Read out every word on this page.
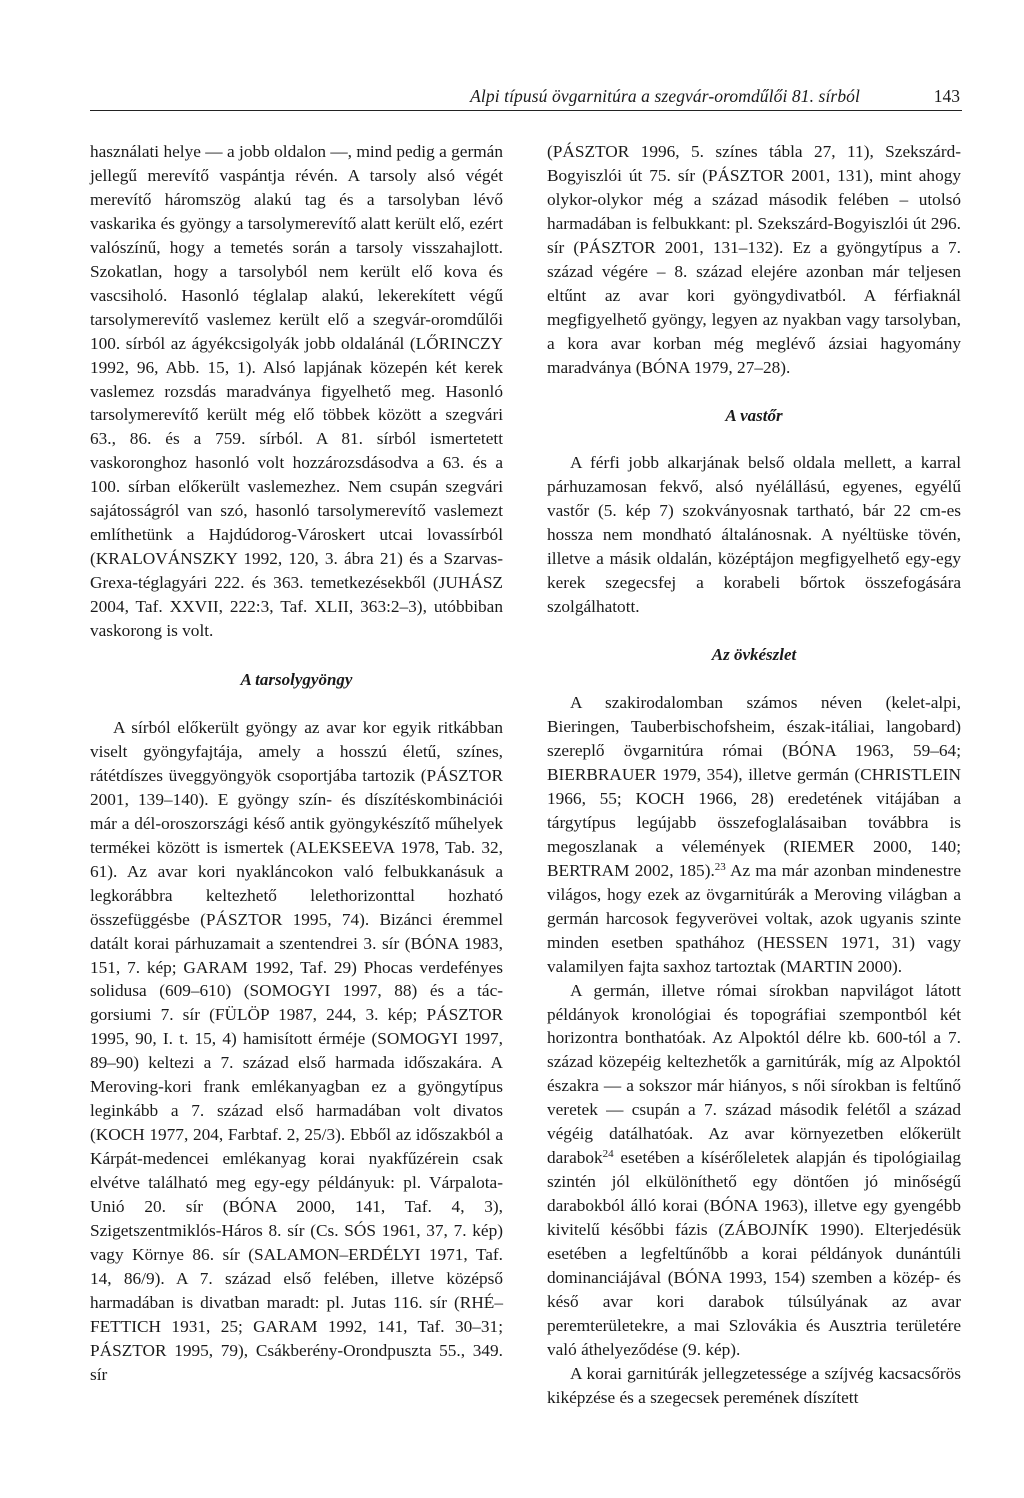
Alpi típusú övgarnitúra a szegvár-oromdűlői 81. sírból	143

használati helye — a jobb oldalon —, mind pedig a germán jellegű merevítő vaspántja révén. A tarsoly alsó végét merevítő háromszög alakú tag és a tarsolyban lévő vaskarika és gyöngy a tarsolymerevítő alatt került elő, ezért valószínű, hogy a temetés során a tarsoly visszahajlott. Szokatlan, hogy a tarsolyból nem került elő kova és vascsiholó. Hasonló téglalap alakú, lekerekített végű tarsolymerevítő vaslemez került elő a szegvár-oromdűlői 100. sírból az ágyékcsigolyák jobb oldalánál (LŐRINCZY 1992, 96, Abb. 15, 1). Alsó lapjának közepén két kerek vaslemez rozsdás maradványa figyelhető meg. Hasonló tarsolymerevítő került még elő többek között a szegvári 63., 86. és a 759. sírból. A 81. sírból ismertetett vaskoronghoz hasonló volt hozzározsdásodva a 63. és a 100. sírban előkerült vaslemezhez. Nem csupán szegvári sajátosságról van szó, hasonló tarsolymerevítő vaslemezt említhetünk a Hajdúdorog-Városkert utcai lovassírból (KRALOVÁNSZKY 1992, 120, 3. ábra 21) és a Szarvas-Grexa-téglagyári 222. és 363. temetkezésekből (JUHÁSZ 2004, Taf. XXVII, 222:3, Taf. XLII, 363:2–3), utóbbiban vaskorong is volt.

A tarsolygyöngy

A sírból előkerült gyöngy az avar kor egyik ritkábban viselt gyöngyfajtája, amely a hosszú életű, színes, rátétdíszes üveggyöngyök csoportjába tartozik (PÁSZTOR 2001, 139–140). E gyöngy szín- és díszítéskombinációi már a dél-oroszországi késő antik gyöngykészítő műhelyek termékei között is ismertek (ALEKSEEVA 1978, Tab. 32, 61). Az avar kori nyakláncokon való felbukkanásuk a legkorábbra keltezhető lelethorizonttal hozható összefüggésbe (PÁSZTOR 1995, 74). Bizánci éremmel datált korai párhuzamait a szentendrei 3. sír (BÓNA 1983, 151, 7. kép; GARAM 1992, Taf. 29) Phocas verdefényes solidusa (609–610) (SOMOGYI 1997, 88) és a tác-gorsiumi 7. sír (FÜLÖP 1987, 244, 3. kép; PÁSZTOR 1995, 90, I. t. 15, 4) hamisított érméje (SOMOGYI 1997, 89–90) keltezi a 7. század első harmada időszakára. A Meroving-kori frank emlékanyagban ez a gyöngytípus leginkább a 7. század első harmadában volt divatos (KOCH 1977, 204, Farbtaf. 2, 25/3). Ebből az időszakból a Kárpát-medencei emlékanyag korai nyakfűzérein csak elvétve található meg egy-egy példányuk: pl. Várpalota-Unió 20. sír (BÓNA 2000, 141, Taf. 4, 3), Szigetszentmiklós-Háros 8. sír (Cs. SÓS 1961, 37, 7. kép) vagy Környe 86. sír (SALAMON–ERDÉLYI 1971, Taf. 14, 86/9). A 7. század első felében, illetve középső harmadában is divatban maradt: pl. Jutas 116. sír (RHÉ–FETTICH 1931, 25; GARAM 1992, 141, Taf. 30–31; PÁSZTOR 1995, 79), Csákberény-Orondpuszta 55., 349. sír

(PÁSZTOR 1996, 5. színes tábla 27, 11), Szekszárd-Bogyiszlói út 75. sír (PÁSZTOR 2001, 131), mint ahogy olykor-olykor még a század második felében – utolsó harmadában is felbukkant: pl. Szekszárd-Bogyiszlói út 296. sír (PÁSZTOR 2001, 131–132). Ez a gyöngytípus a 7. század végére – 8. század elejére azonban már teljesen eltűnt az avar kori gyöngydivatból. A férfiaknál megfigyelhető gyöngy, legyen az nyakban vagy tarsolyban, a kora avar korban még meglévő ázsiai hagyomány maradványa (BÓNA 1979, 27–28).

A vastőr

A férfi jobb alkarjának belső oldala mellett, a karral párhuzamosan fekvő, alsó nyélállású, egyenes, egyélű vastőr (5. kép 7) szokványosnak tartható, bár 22 cm-es hossza nem mondható általánosnak. A nyéltüske tövén, illetve a másik oldalán, középtájon megfigyelhető egy-egy kerek szegecsfej a korabeli bőrtok összefogására szolgálhatott.

Az övkészlet

A szakirodalomban számos néven (kelet-alpi, Bieringen, Tauberbischofsheim, észak-itáliai, langobard) szereplő övgarnitúra római (BÓNA 1963, 59–64; BIERBRAUER 1979, 354), illetve germán (CHRISTLEIN 1966, 55; KOCH 1966, 28) eredetének vitájában a tárgytípus legújabb összefoglalásaiban továbbra is megoszlanak a vélemények (RIEMER 2000, 140; BERTRAM 2002, 185).$^{23}$ Az ma már azonban mindenestre világos, hogy ezek az övgarnitúrák a Meroving világban a germán harcosok fegyverövei voltak, azok ugyanis szinte minden esetben spathához (HESSEN 1971, 31) vagy valamilyen fajta saxhoz tartoztak (MARTIN 2000).

A germán, illetve római sírokban napvilágot látott példányok kronológiai és topográfiai szempontból két horizontra bonthatóak. Az Alpoktól délre kb. 600-tól a 7. század közepéig keltezhetők a garnitúrák, míg az Alpoktól északra — a sokszor már hiányos, s női sírokban is feltűnő veretek — csupán a 7. század második felétől a század végéig datálhatóak. Az avar környezetben előkerült darabok$^{24}$ esetében a kísérőleletek alapján és tipológiailag szintén jól elkülöníthető egy döntően jó minőségű darabokból álló korai (BÓNA 1963), illetve egy gyengébb kivitelű későbbi fázis (ZÁBOJNÍK 1990). Elterjedésük esetében a legfeltűnőbb a korai példányok dunántúli dominanciájával (BÓNA 1993, 154) szemben a közép- és késő avar kori darabok túlsúlyának az avar peremterületekre, a mai Szlovákia és Ausztria területére való áthelyeződése (9. kép).

A korai garnitúrák jellegzetessége a szíjvég kacsacsőrös kiképzése és a szegecsek peremének díszített
